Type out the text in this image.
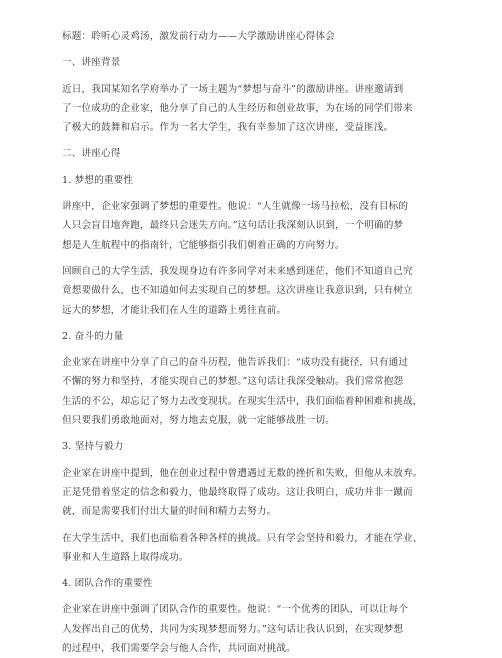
标题：聆听心灵鸡汤，激发前行动力——大学激励讲座心得体会
一、讲座背景
近日，我国某知名学府举办了一场主题为“梦想与奋斗”的激励讲座。讲座邀请到
了一位成功的企业家，他分享了自己的人生经历和创业故事，为在场的同学们带来
了极大的鼓舞和启示。作为一名大学生，我有幸参加了这次讲座，受益匪浅。
二、讲座心得
1. 梦想的重要性
讲座中，企业家强调了梦想的重要性。他说：“人生就像一场马拉松，没有目标的
人只会盲目地奔跑，最终只会迷失方向。”这句话让我深刻认识到，一个明确的梦
想是人生航程中的指南针，它能够指引我们朝着正确的方向努力。
回顾自己的大学生活，我发现身边有许多同学对未来感到迷茫，他们不知道自己究
竟想要做什么，也不知道如何去实现自己的梦想。这次讲座让我意识到，只有树立
远大的梦想，才能让我们在人生的道路上勇往直前。
2. 奋斗的力量
企业家在讲座中分享了自己的奋斗历程，他告诉我们：“成功没有捷径，只有通过
不懈的努力和坚持，才能实现自己的梦想。”这句话让我深受触动。我们常常抱怨
生活的不公，却忘记了努力去改变现状。在现实生活中，我们面临着种困难和挑战，
但只要我们勇敢地面对，努力地去克服，就一定能够战胜一切。
3. 坚持与毅力
企业家在讲座中提到，他在创业过程中曾遭遇过无数的挫折和失败，但他从未放弃。
正是凭借着坚定的信念和毅力，他最终取得了成功。这让我明白，成功并非一蹴而
就，而是需要我们付出大量的时间和精力去努力。
在大学生活中，我们也面临着各种各样的挑战。只有学会坚持和毅力，才能在学业、
事业和人生道路上取得成功。
4. 团队合作的重要性
企业家在讲座中强调了团队合作的重要性。他说：“一个优秀的团队，可以让每个
人发挥出自己的优势，共同为实现梦想而努力。”这句话让我认识到，在实现梦想
的过程中，我们需要学会与他人合作，共同面对挑战。
